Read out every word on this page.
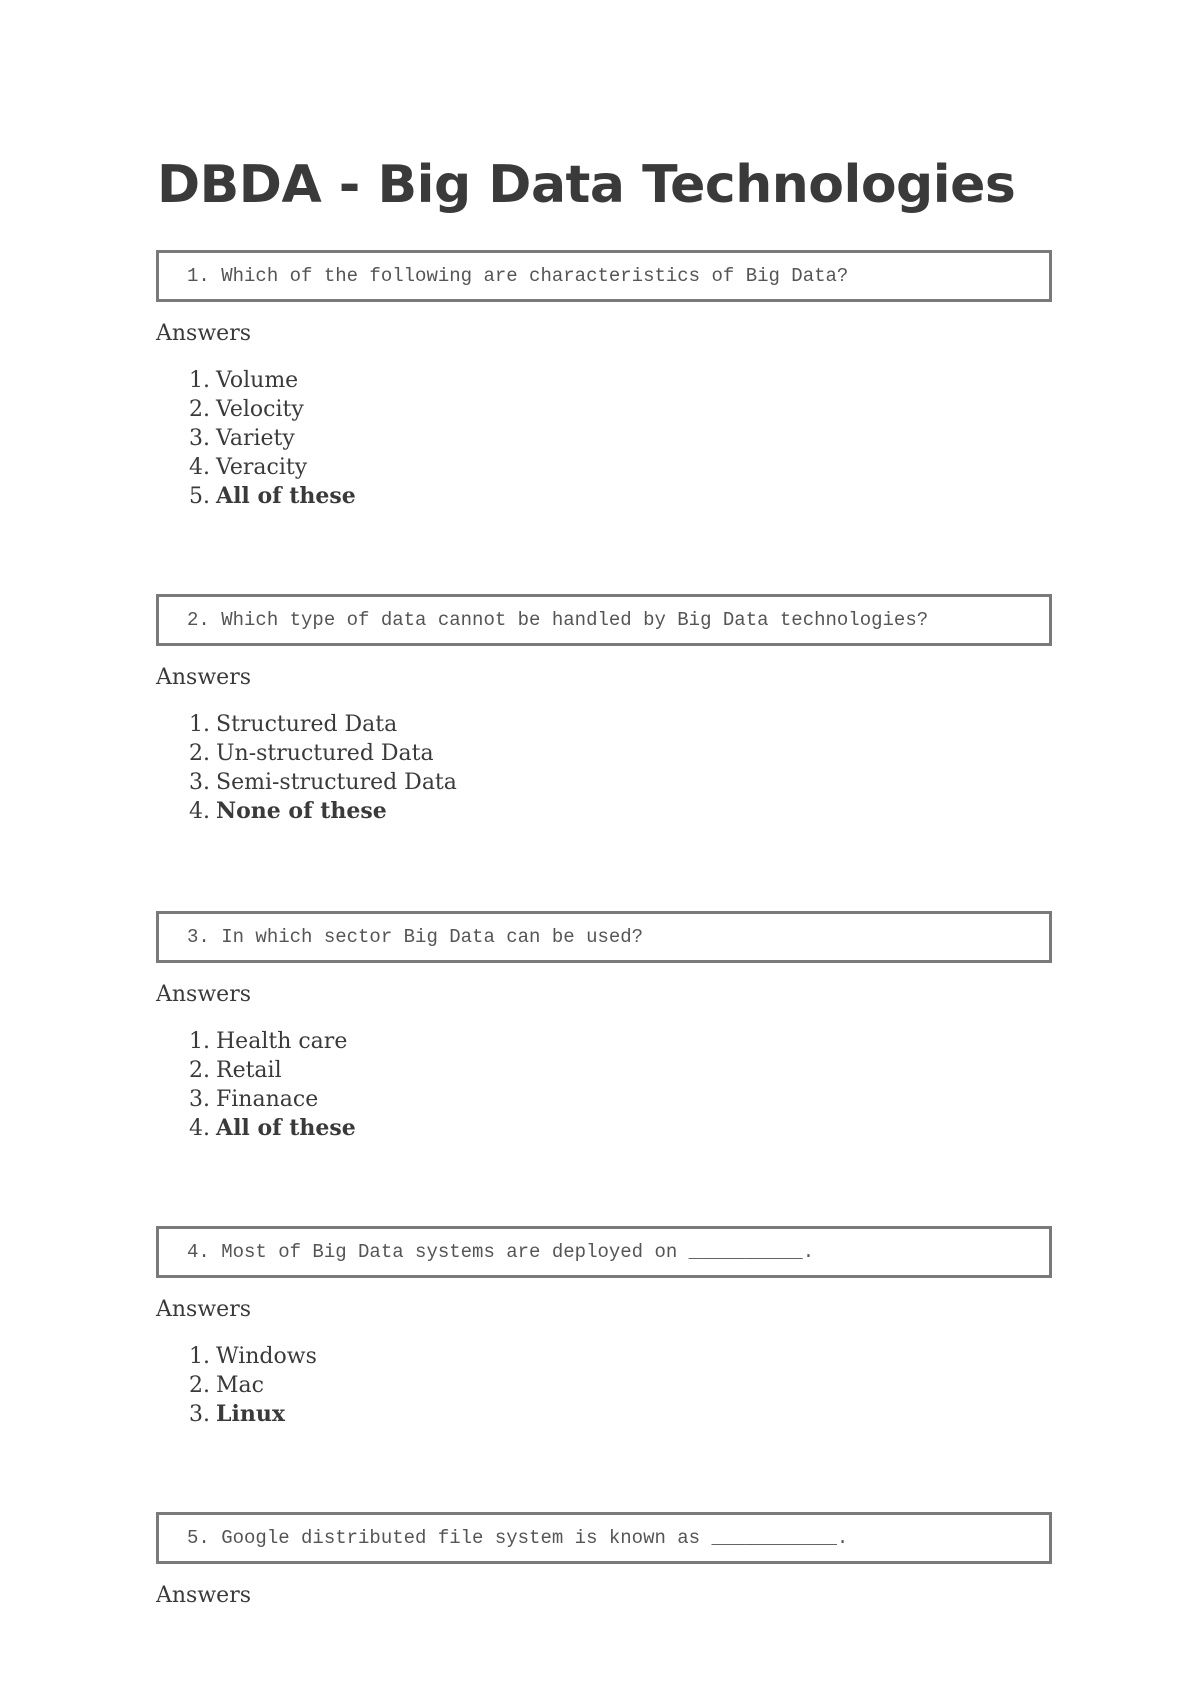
DBDA - Big Data Technologies
1. Which of the following are characteristics of Big Data?

Answers

1. Volume
2. Velocity
3. Variety
4. Veracity
5. All of these
2. Which type of data cannot be handled by Big Data technologies?

Answers

1. Structured Data
2. Un-structured Data
3. Semi-structured Data
4. None of these
3. In which sector Big Data can be used?

Answers

1. Health care
2. Retail
3. Finanace
4. All of these
4. Most of Big Data systems are deployed on __________.

Answers

1. Windows
2. Mac
3. Linux
5. Google distributed file system is known as ___________.

Answers
